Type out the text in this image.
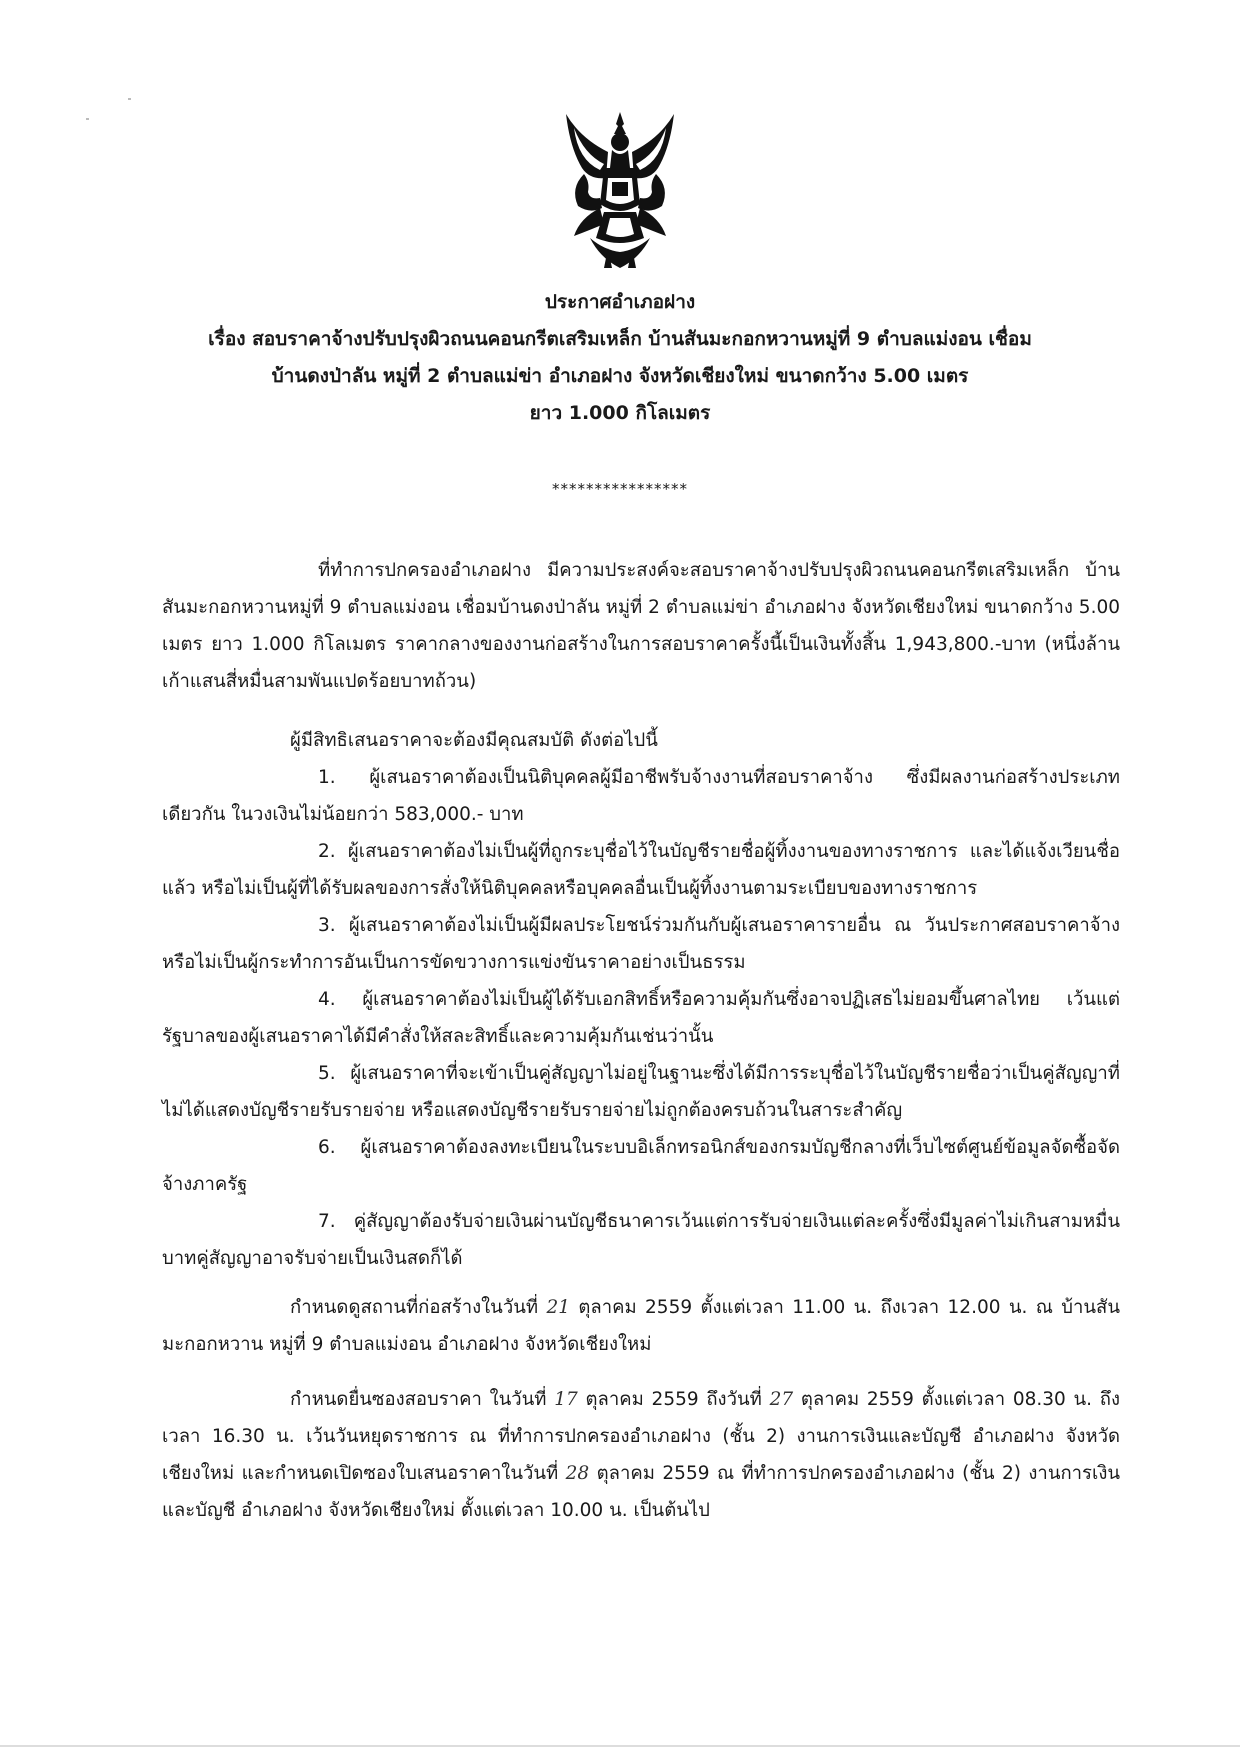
ประกาศอำเภอฝาง
เรื่อง สอบราคาจ้างปรับปรุงผิวถนนคอนกรีตเสริมเหล็ก บ้านสันมะกอกหวานหมู่ที่ 9 ตำบลแม่งอน เชื่อม
บ้านดงป่าลัน หมู่ที่ 2 ตำบลแม่ข่า อำเภอฝาง จังหวัดเชียงใหม่ ขนาดกว้าง 5.00 เมตร
ยาว 1.000 กิโลเมตร
****************
ที่ทำการปกครองอำเภอฝาง มีความประสงค์จะสอบราคาจ้างปรับปรุงผิวถนนคอนกรีตเสริมเหล็ก บ้านสันมะกอกหวานหมู่ที่ 9 ตำบลแม่งอน เชื่อมบ้านดงป่าลัน หมู่ที่ 2 ตำบลแม่ข่า อำเภอฝาง จังหวัดเชียงใหม่ ขนาดกว้าง 5.00 เมตร ยาว 1.000 กิโลเมตร ราคากลางของงานก่อสร้างในการสอบราคาครั้งนี้เป็นเงินทั้งสิ้น 1,943,800.-บาท (หนึ่งล้านเก้าแสนสี่หมื่นสามพันแปดร้อยบาทถ้วน)
ผู้มีสิทธิเสนอราคาจะต้องมีคุณสมบัติ ดังต่อไปนี้
1. ผู้เสนอราคาต้องเป็นนิติบุคคลผู้มีอาชีพรับจ้างงานที่สอบราคาจ้าง ซึ่งมีผลงานก่อสร้างประเภทเดียวกัน ในวงเงินไม่น้อยกว่า 583,000.- บาท
2. ผู้เสนอราคาต้องไม่เป็นผู้ที่ถูกระบุชื่อไว้ในบัญชีรายชื่อผู้ทิ้งงานของทางราชการ และได้แจ้งเวียนชื่อแล้ว หรือไม่เป็นผู้ที่ได้รับผลของการสั่งให้นิติบุคคลหรือบุคคลอื่นเป็นผู้ทิ้งงานตามระเบียบของทางราชการ
3. ผู้เสนอราคาต้องไม่เป็นผู้มีผลประโยชน์ร่วมกันกับผู้เสนอราคารายอื่น ณ วันประกาศสอบราคาจ้าง หรือไม่เป็นผู้กระทำการอันเป็นการขัดขวางการแข่งขันราคาอย่างเป็นธรรม
4. ผู้เสนอราคาต้องไม่เป็นผู้ได้รับเอกสิทธิ์หรือความคุ้มกันซึ่งอาจปฏิเสธไม่ยอมขึ้นศาลไทย เว้นแต่รัฐบาลของผู้เสนอราคาได้มีคำสั่งให้สละสิทธิ์และความคุ้มกันเช่นว่านั้น
5. ผู้เสนอราคาที่จะเข้าเป็นคู่สัญญาไม่อยู่ในฐานะซึ่งได้มีการระบุชื่อไว้ในบัญชีรายชื่อว่าเป็นคู่สัญญาที่ไม่ได้แสดงบัญชีรายรับรายจ่าย หรือแสดงบัญชีรายรับรายจ่ายไม่ถูกต้องครบถ้วนในสาระสำคัญ
6. ผู้เสนอราคาต้องลงทะเบียนในระบบอิเล็กทรอนิกส์ของกรมบัญชีกลางที่เว็บไซต์ศูนย์ข้อมูลจัดซื้อจัดจ้างภาครัฐ
7. คู่สัญญาต้องรับจ่ายเงินผ่านบัญชีธนาคารเว้นแต่การรับจ่ายเงินแต่ละครั้งซึ่งมีมูลค่าไม่เกินสามหมื่นบาทคู่สัญญาอาจรับจ่ายเป็นเงินสดก็ได้
กำหนดดูสถานที่ก่อสร้างในวันที่ 21 ตุลาคม 2559 ตั้งแต่เวลา 11.00 น. ถึงเวลา 12.00 น. ณ บ้านสันมะกอกหวาน หมู่ที่ 9 ตำบลแม่งอน อำเภอฝาง จังหวัดเชียงใหม่
กำหนดยื่นซองสอบราคา ในวันที่ 17 ตุลาคม 2559 ถึงวันที่ 27 ตุลาคม 2559 ตั้งแต่เวลา 08.30 น. ถึงเวลา 16.30 น. เว้นวันหยุดราชการ ณ ที่ทำการปกครองอำเภอฝาง (ชั้น 2) งานการเงินและบัญชี อำเภอฝาง จังหวัดเชียงใหม่ และกำหนดเปิดซองใบเสนอราคาในวันที่ 28 ตุลาคม 2559 ณ ที่ทำการปกครองอำเภอฝาง (ชั้น 2) งานการเงินและบัญชี อำเภอฝาง จังหวัดเชียงใหม่ ตั้งแต่เวลา 10.00 น. เป็นต้นไป
